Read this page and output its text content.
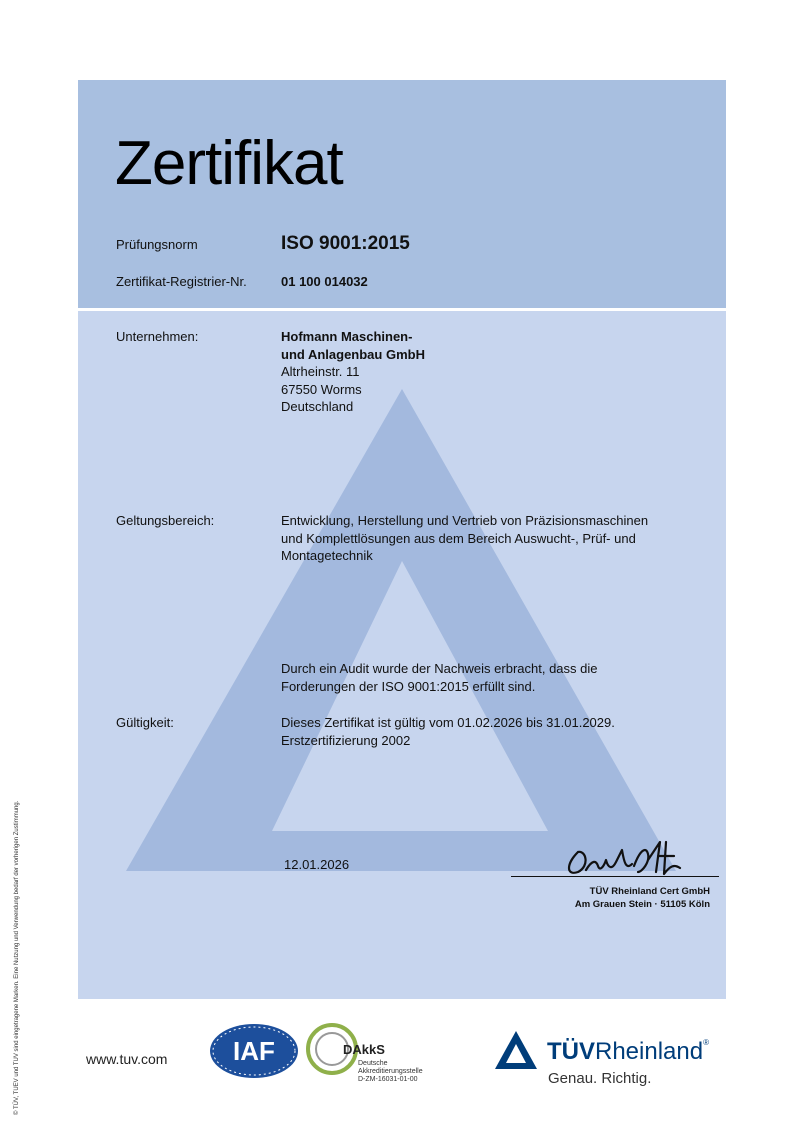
Zertifikat
Prüfungsnorm	ISO 9001:2015
Zertifikat-Registrier-Nr.	01 100 014032
Unternehmen:	Hofmann Maschinen-
und Anlagenbau GmbH
Altrheinstr. 11
67550 Worms
Deutschland
Geltungsbereich:	Entwicklung, Herstellung und Vertrieb von Präzisionsmaschinen
und Komplettlösungen aus dem Bereich Auswucht-, Prüf- und
Montagetechnik
Durch ein Audit wurde der Nachweis erbracht, dass die
Forderungen der ISO 9001:2015 erfüllt sind.
Gültigkeit:	Dieses Zertifikat ist gültig vom 01.02.2026 bis 31.01.2029.
Erstzertifizierung 2002
12.01.2026
TÜV Rheinland Cert GmbH
Am Grauen Stein · 51105 Köln
© TÜV, TUEV und TUV sind eingetragene Marken. Eine Nutzung und Verwendung bedarf der vorherigen Zustimmung.	www.tuv.com	IAF	DAkkS
Deutsche
Akkreditierungsstelle
D-ZM-16031-01-00
TÜVRheinland®
Genau. Richtig.
